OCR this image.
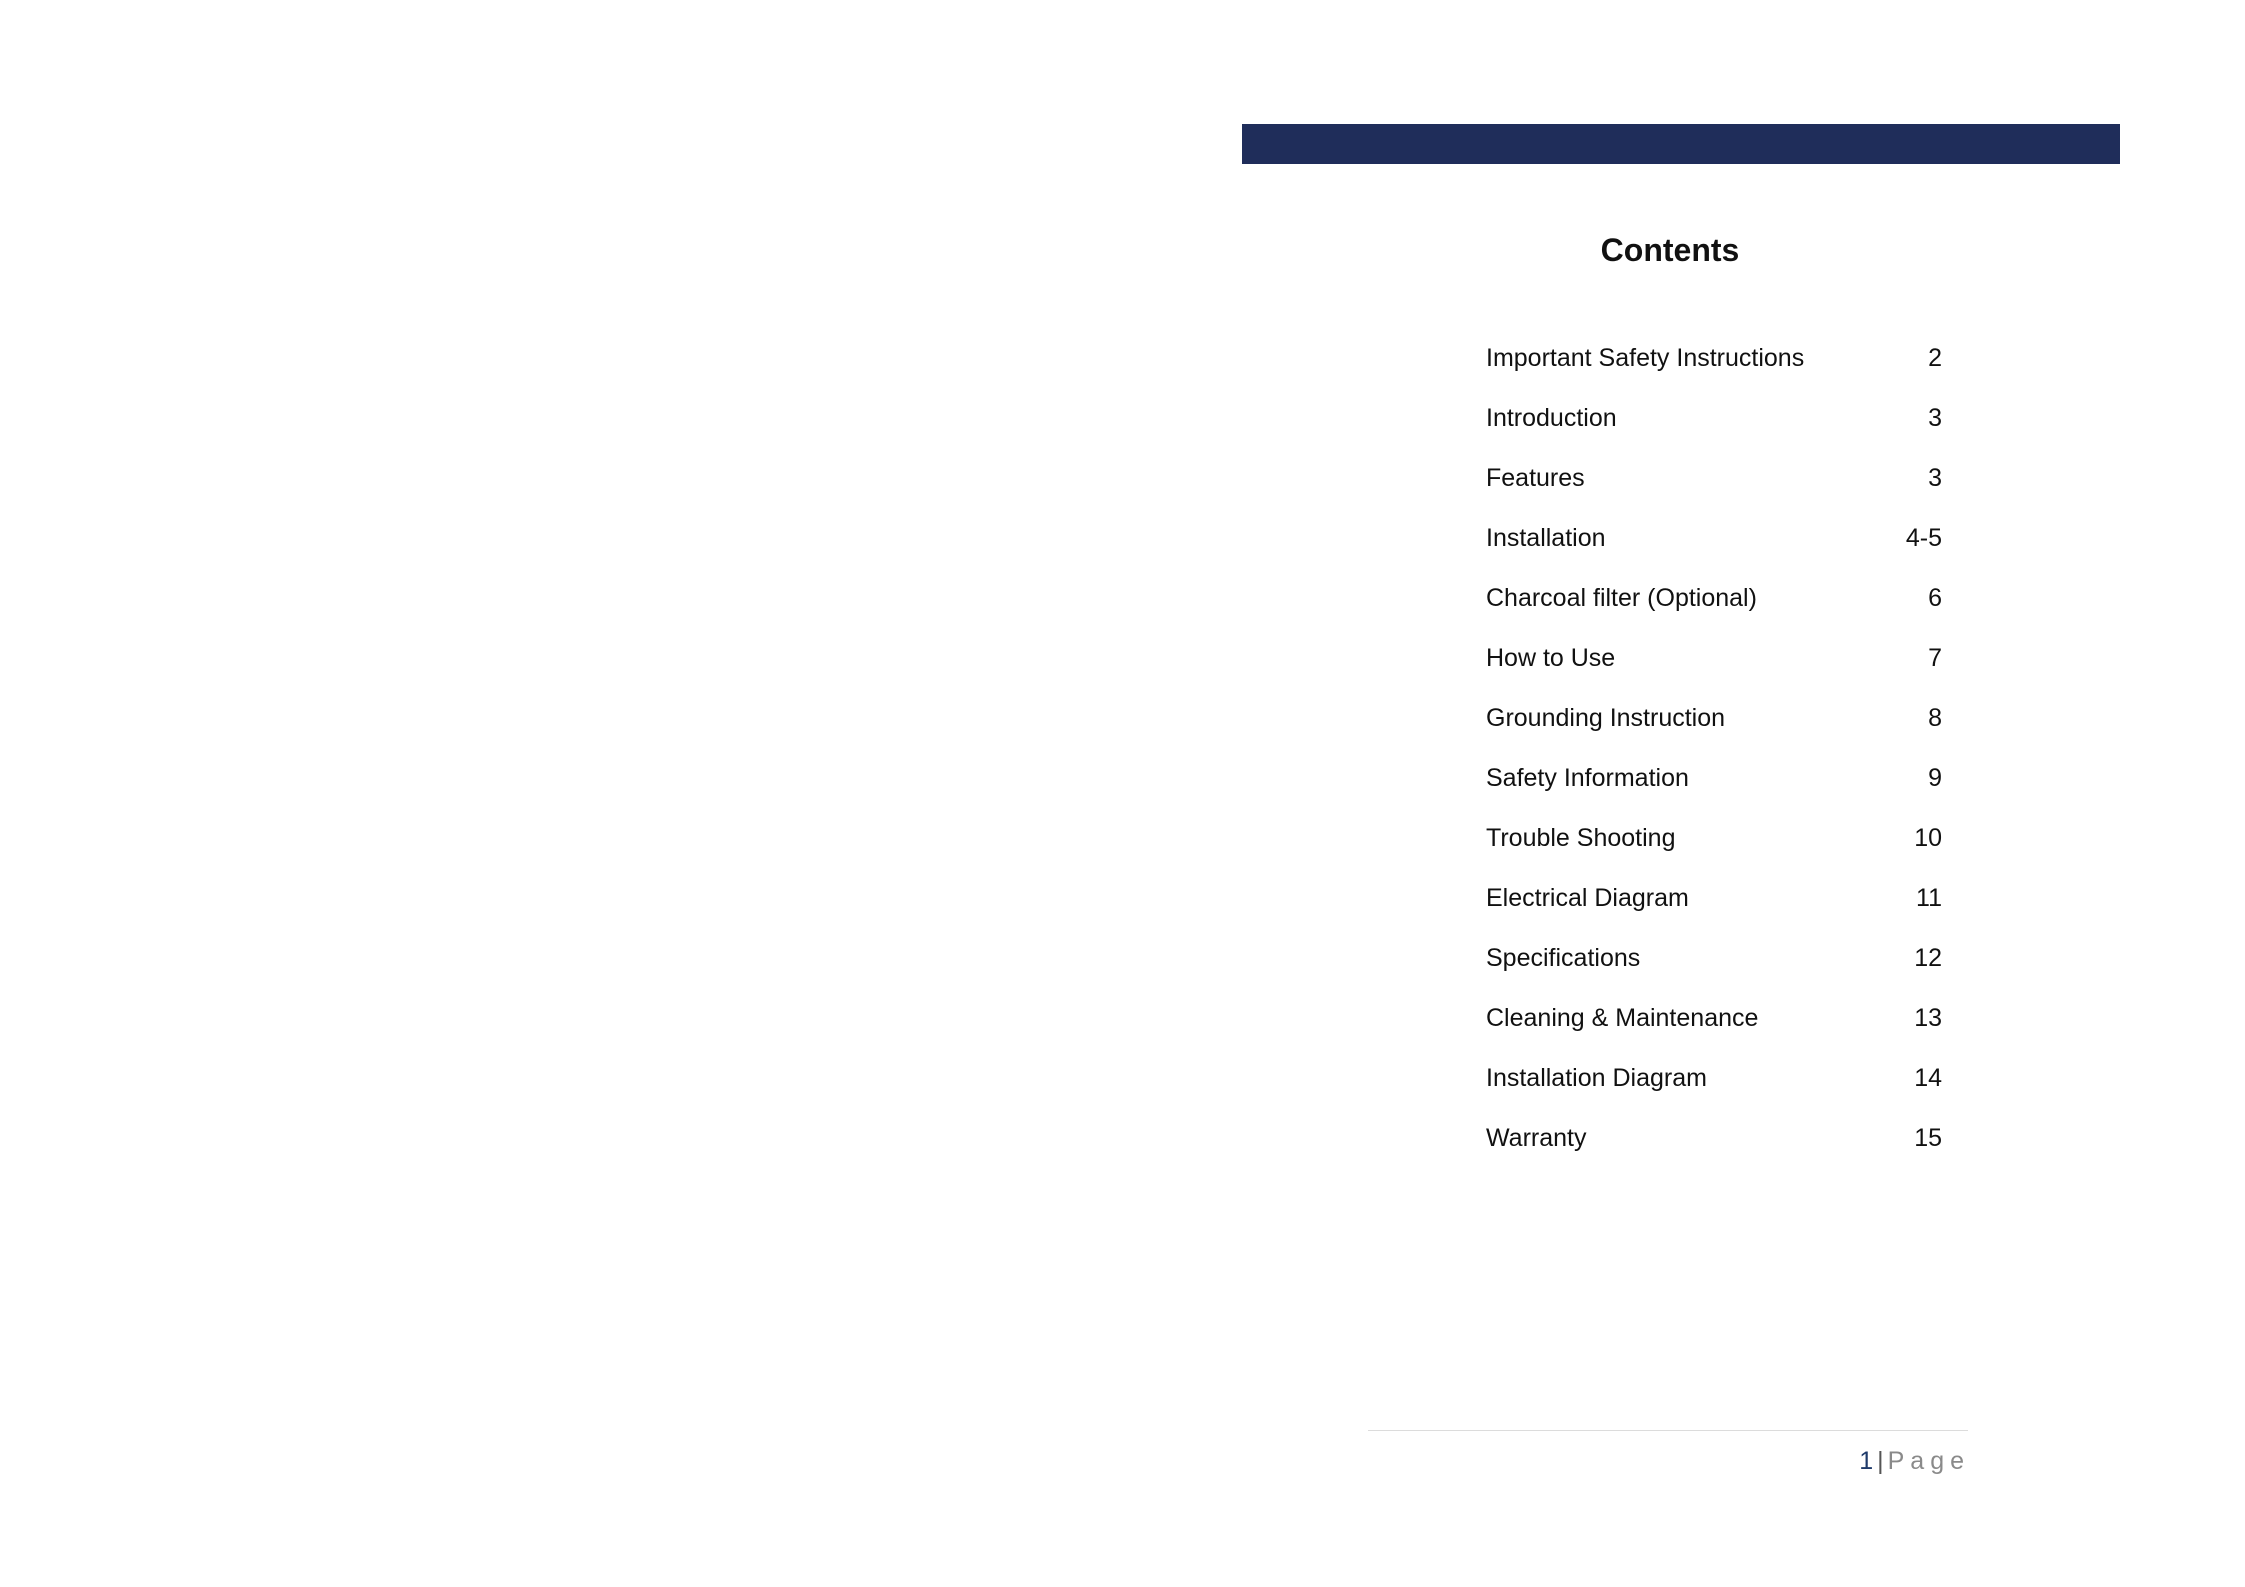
Contents
Important Safety Instructions	2
Introduction	3
Features	3
Installation	4-5
Charcoal filter (Optional)	6
How to Use	7
Grounding Instruction	8
Safety Information	9
Trouble Shooting	10
Electrical Diagram	11
Specifications	12
Cleaning & Maintenance	13
Installation Diagram	14
Warranty	15
1 | Page
